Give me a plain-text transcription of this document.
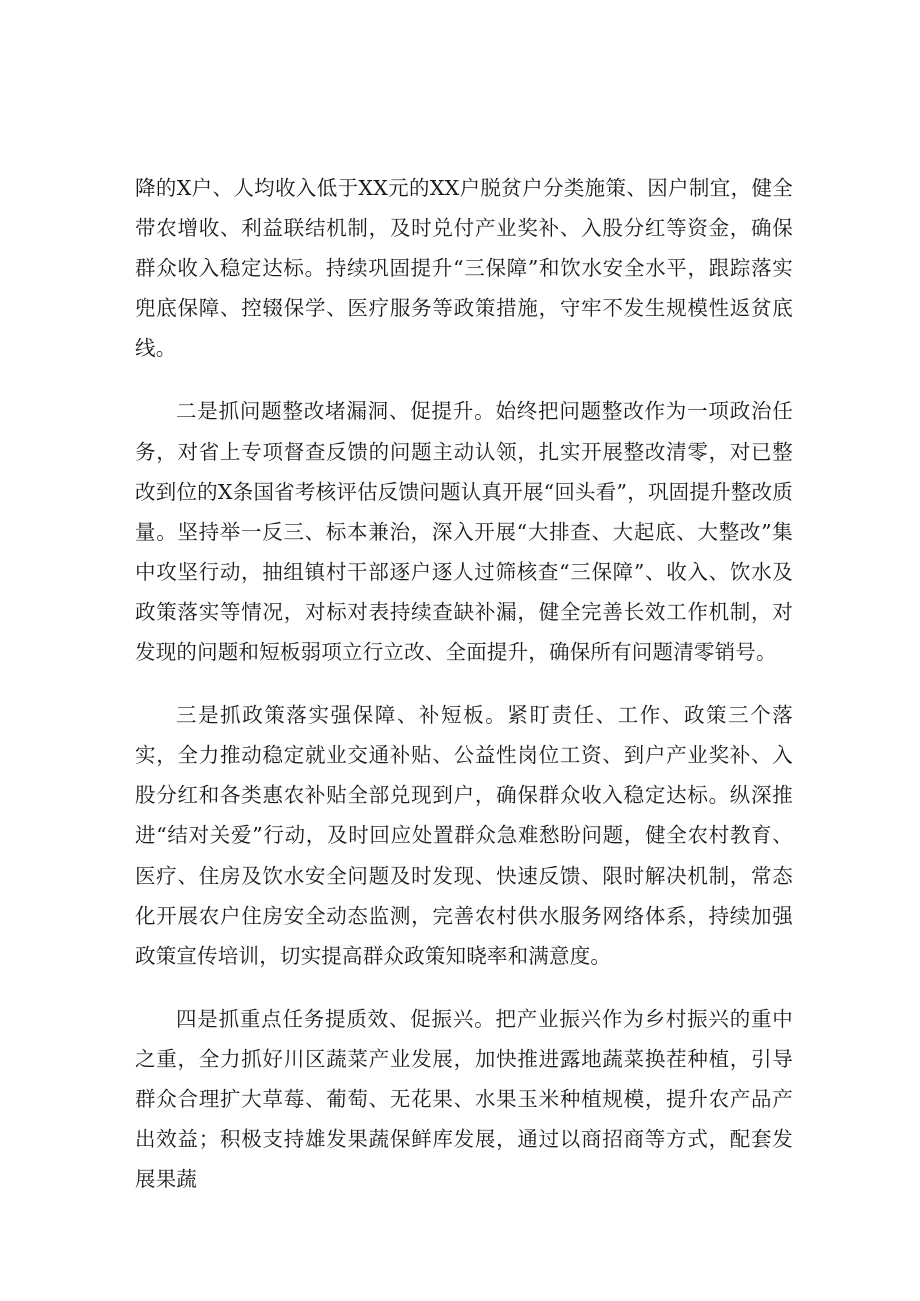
降的X户、人均收入低于XX元的XX户脱贫户分类施策、因户制宜，健全带农增收、利益联结机制，及时兑付产业奖补、入股分红等资金，确保群众收入稳定达标。持续巩固提升“三保障”和饮水安全水平，跟踪落实兜底保障、控辍保学、医疗服务等政策措施，守牢不发生规模性返贫底线。

二是抓问题整改堵漏洞、促提升。始终把问题整改作为一项政治任务，对省上专项督查反馈的问题主动认领，扎实开展整改清零，对已整改到位的X条国省考核评估反馈问题认真开展“回头看”，巩固提升整改质量。坚持举一反三、标本兼治，深入开展“大排查、大起底、大整改”集中攻坚行动，抽组镇村干部逐户逐人过筛核查“三保障”、收入、饮水及政策落实等情况，对标对表持续查缺补漏，健全完善长效工作机制，对发现的问题和短板弱项立行立改、全面提升，确保所有问题清零销号。

三是抓政策落实强保障、补短板。紧盯责任、工作、政策三个落实，全力推动稳定就业交通补贴、公益性岗位工资、到户产业奖补、入股分红和各类惠农补贴全部兑现到户，确保群众收入稳定达标。纵深推进“结对关爱”行动，及时回应处置群众急难愁盼问题，健全农村教育、医疗、住房及饮水安全问题及时发现、快速反馈、限时解决机制，常态化开展农户住房安全动态监测，完善农村供水服务网络体系，持续加强政策宣传培训，切实提高群众政策知晓率和满意度。

四是抓重点任务提质效、促振兴。把产业振兴作为乡村振兴的重中之重，全力抓好川区蔬菜产业发展，加快推进露地蔬菜换茬种植，引导群众合理扩大草莓、葡萄、无花果、水果玉米种植规模，提升农产品产出效益；积极支持雄发果蔬保鲜库发展，通过以商招商等方式，配套发展果蔬
